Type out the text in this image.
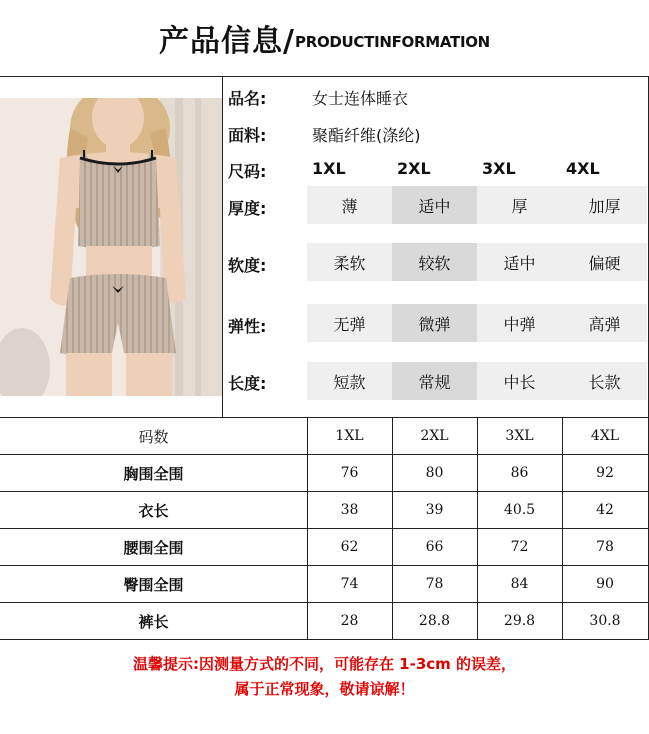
产品信息/ PRODUCTINFORMATION
品名:	女士连体睡衣
面料:	聚酯纤维(涤纶)
尺码:	1XL	2XL	3XL	4XL
厚度:	薄	适中	厚	加厚
软度:	柔软	较软	适中	偏硬
弹性:	无弹	微弹	中弹	高弹
长度:	短款	常规	中长	长款
码数	1XL	2XL	3XL	4XL
胸围全围	76	80	86	92
衣长	38	39	40.5	42
腰围全围	62	66	72	78
臀围全围	74	78	84	90
裤长	28	28.8	29.8	30.8
温馨提示:因测量方式的不同，可能存在 1-3cm 的误差，
属于正常现象，敬请谅解！
